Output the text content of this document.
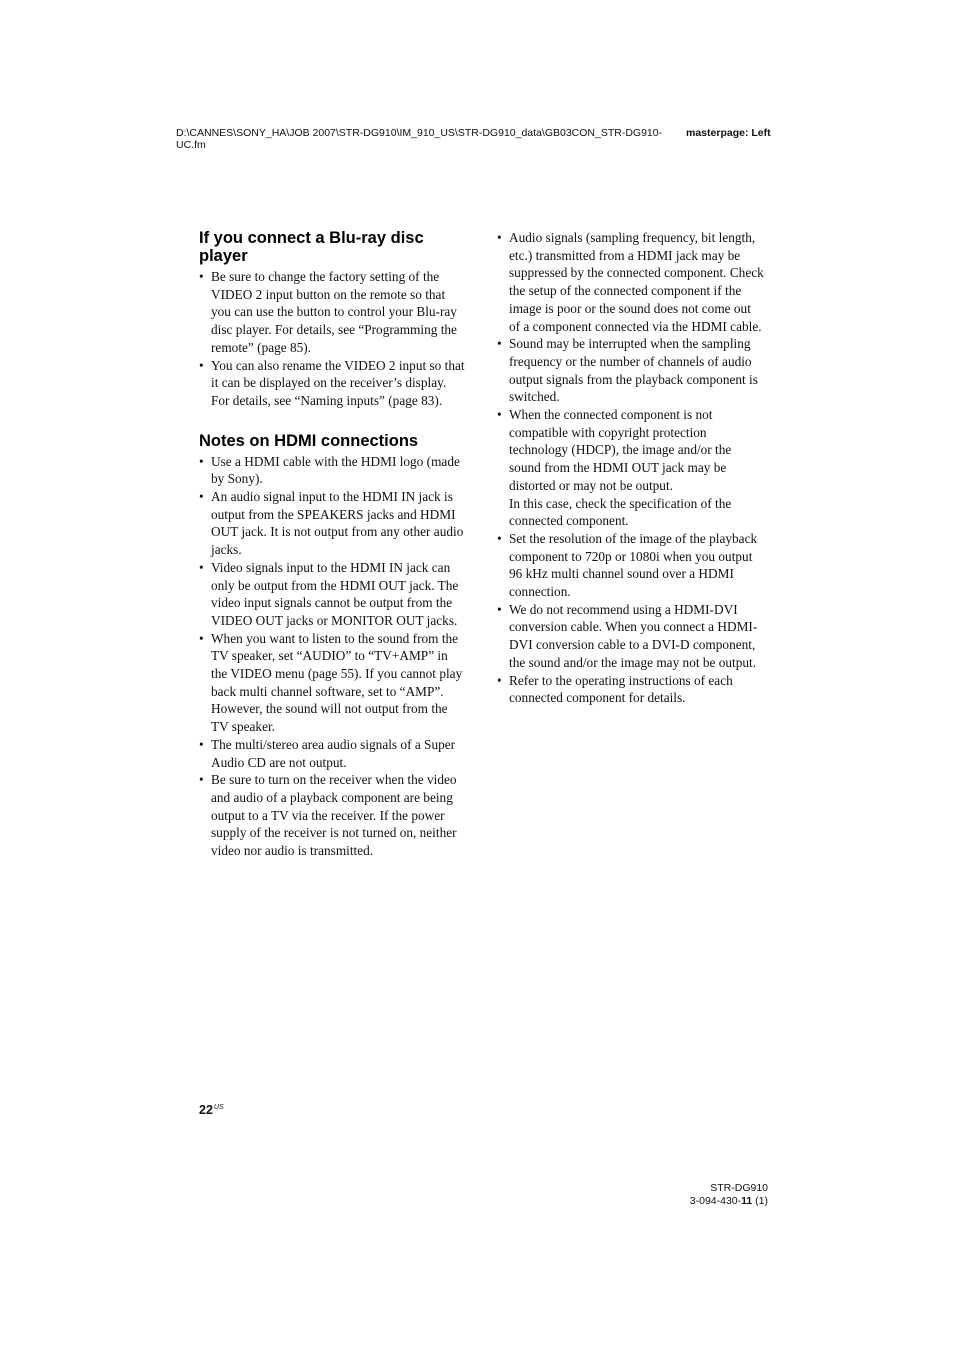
D:\CANNES\SONY_HA\JOB 2007\STR-DG910\IM_910_US\STR-DG910_data\GB03CON_STR-DG910-UC.fm
masterpage: Left
If you connect a Blu-ray disc player
• Be sure to change the factory setting of the VIDEO 2 input button on the remote so that you can use the button to control your Blu-ray disc player. For details, see “Programming the remote” (page 85).
• You can also rename the VIDEO 2 input so that it can be displayed on the receiver’s display. For details, see “Naming inputs” (page 83).
Notes on HDMI connections
• Use a HDMI cable with the HDMI logo (made by Sony).
• An audio signal input to the HDMI IN jack is output from the SPEAKERS jacks and HDMI OUT jack. It is not output from any other audio jacks.
• Video signals input to the HDMI IN jack can only be output from the HDMI OUT jack. The video input signals cannot be output from the VIDEO OUT jacks or MONITOR OUT jacks.
• When you want to listen to the sound from the TV speaker, set “AUDIO” to “TV+AMP” in the VIDEO menu (page 55). If you cannot play back multi channel software, set to “AMP”. However, the sound will not output from the TV speaker.
• The multi/stereo area audio signals of a Super Audio CD are not output.
• Be sure to turn on the receiver when the video and audio of a playback component are being output to a TV via the receiver. If the power supply of the receiver is not turned on, neither video nor audio is transmitted.
• Audio signals (sampling frequency, bit length, etc.) transmitted from a HDMI jack may be suppressed by the connected component. Check the setup of the connected component if the image is poor or the sound does not come out of a component connected via the HDMI cable.
• Sound may be interrupted when the sampling frequency or the number of channels of audio output signals from the playback component is switched.
• When the connected component is not compatible with copyright protection technology (HDCP), the image and/or the sound from the HDMI OUT jack may be distorted or may not be output.
In this case, check the specification of the connected component.
• Set the resolution of the image of the playback component to 720p or 1080i when you output 96 kHz multi channel sound over a HDMI connection.
• We do not recommend using a HDMI-DVI conversion cable. When you connect a HDMI-DVI conversion cable to a DVI-D component, the sound and/or the image may not be output.
• Refer to the operating instructions of each connected component for details.
$22^{US}$
STR-DG910
3-094-430-11 (1)
